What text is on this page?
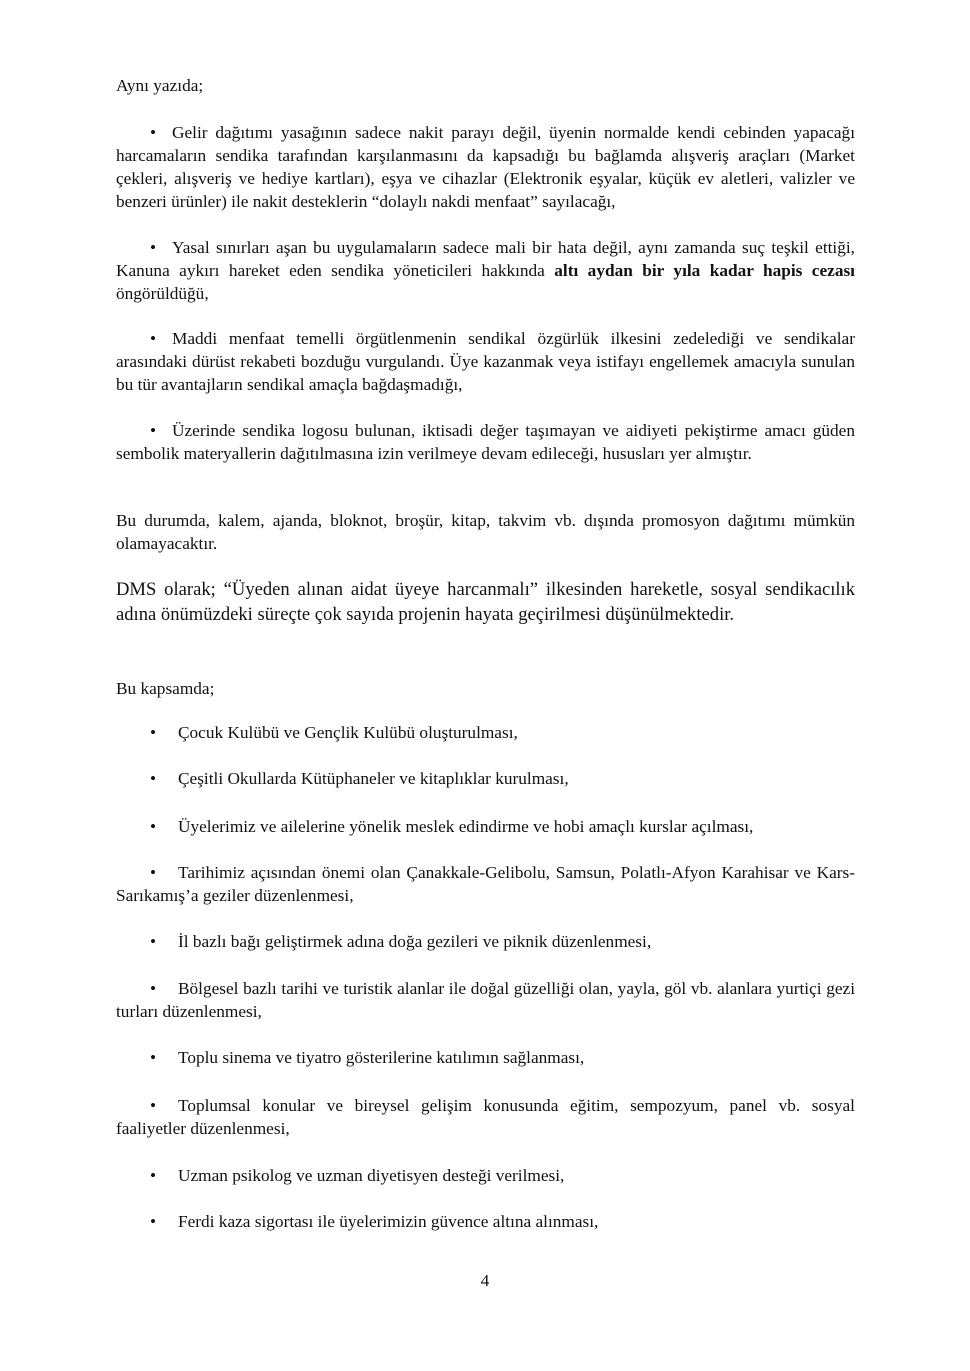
Aynı yazıda;

• Gelir dağıtımı yasağının sadece nakit parayı değil, üyenin normalde kendi cebinden yapacağı harcamaların sendika tarafından karşılanmasını da kapsadığı bu bağlamda alışveriş araçları (Market çekleri, alışveriş ve hediye kartları), eşya ve cihazlar (Elektronik eşyalar, küçük ev aletleri, valizler ve benzeri ürünler) ile nakit desteklerin “dolaylı nakdi menfaat” sayılacağı,

• Yasal sınırları aşan bu uygulamaların sadece mali bir hata değil, aynı zamanda suç teşkil ettiği, Kanuna aykırı hareket eden sendika yöneticileri hakkında altı aydan bir yıla kadar hapis cezası öngörüldüğü,

• Maddi menfaat temelli örgütlenmenin sendikal özgürlük ilkesini zedelediği ve sendikalar arasındaki dürüst rekabeti bozduğu vurgulandı. Üye kazanmak veya istifayı engellemek amacıyla sunulan bu tür avantajların sendikal amaçla bağdaşmadığı,

• Üzerinde sendika logosu bulunan, iktisadi değer taşımayan ve aidiyeti pekiştirme amacı güden sembolik materyallerin dağıtılmasına izin verilmeye devam edileceği, hususları yer almıştır.

Bu durumda, kalem, ajanda, bloknot, broşür, kitap, takvim vb. dışında promosyon dağıtımı mümkün olamayacaktır.

DMS olarak; “Üyeden alınan aidat üyeye harcanmalı” ilkesinden hareketle, sosyal sendikacılık adına önümüzdeki süreçte çok sayıda projenin hayata geçirilmesi düşünülmektedir.

Bu kapsamda;

• Çocuk Kulübü ve Gençlik Kulübü oluşturulması,

• Çeşitli Okullarda Kütüphaneler ve kitaplıklar kurulması,

• Üyelerimiz ve ailelerine yönelik meslek edindirme ve hobi amaçlı kurslar açılması,

• Tarihimiz açısından önemi olan Çanakkale-Gelibolu, Samsun, Polatlı-Afyon Karahisar ve Kars-Sarıkamış’a geziler düzenlenmesi,

• İl bazlı bağı geliştirmek adına doğa gezileri ve piknik düzenlenmesi,

• Bölgesel bazlı tarihi ve turistik alanlar ile doğal güzelliği olan, yayla, göl vb. alanlara yurtiçi gezi turları düzenlenmesi,

• Toplu sinema ve tiyatro gösterilerine katılımın sağlanması,

• Toplumsal konular ve bireysel gelişim konusunda eğitim, sempozyum, panel vb. sosyal faaliyetler düzenlenmesi,

• Uzman psikolog ve uzman diyetisyen desteği verilmesi,

• Ferdi kaza sigortası ile üyelerimizin güvence altına alınması,

4
